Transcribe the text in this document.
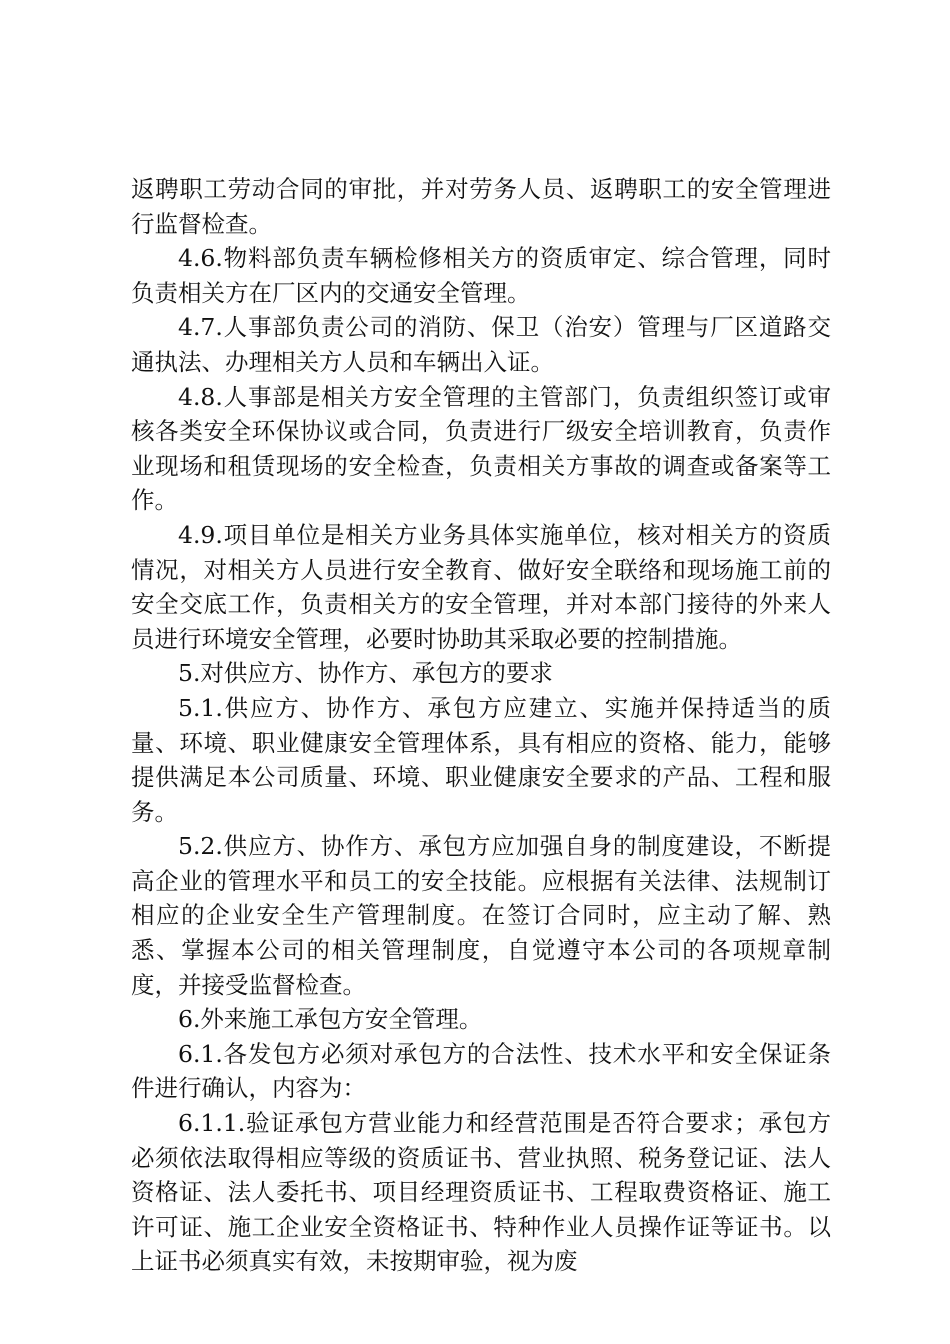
返聘职工劳动合同的审批，并对劳务人员、返聘职工的安全管理进行监督检查。

4.6.物料部负责车辆检修相关方的资质审定、综合管理，同时负责相关方在厂区内的交通安全管理。

4.7.人事部负责公司的消防、保卫（治安）管理与厂区道路交通执法、办理相关方人员和车辆出入证。

4.8.人事部是相关方安全管理的主管部门，负责组织签订或审核各类安全环保协议或合同，负责进行厂级安全培训教育，负责作业现场和租赁现场的安全检查，负责相关方事故的调查或备案等工作。

4.9.项目单位是相关方业务具体实施单位，核对相关方的资质情况，对相关方人员进行安全教育、做好安全联络和现场施工前的安全交底工作，负责相关方的安全管理，并对本部门接待的外来人员进行环境安全管理，必要时协助其采取必要的控制措施。

5.对供应方、协作方、承包方的要求

5.1.供应方、协作方、承包方应建立、实施并保持适当的质量、环境、职业健康安全管理体系，具有相应的资格、能力，能够提供满足本公司质量、环境、职业健康安全要求的产品、工程和服务。

5.2.供应方、协作方、承包方应加强自身的制度建设，不断提高企业的管理水平和员工的安全技能。应根据有关法律、法规制订相应的企业安全生产管理制度。在签订合同时，应主动了解、熟悉、掌握本公司的相关管理制度，自觉遵守本公司的各项规章制度，并接受监督检查。

6.外来施工承包方安全管理。

6.1.各发包方必须对承包方的合法性、技术水平和安全保证条件进行确认，内容为：

6.1.1.验证承包方营业能力和经营范围是否符合要求；承包方必须依法取得相应等级的资质证书、营业执照、税务登记证、法人资格证、法人委托书、项目经理资质证书、工程取费资格证、施工许可证、施工企业安全资格证书、特种作业人员操作证等证书。以上证书必须真实有效，未按期审验，视为废
